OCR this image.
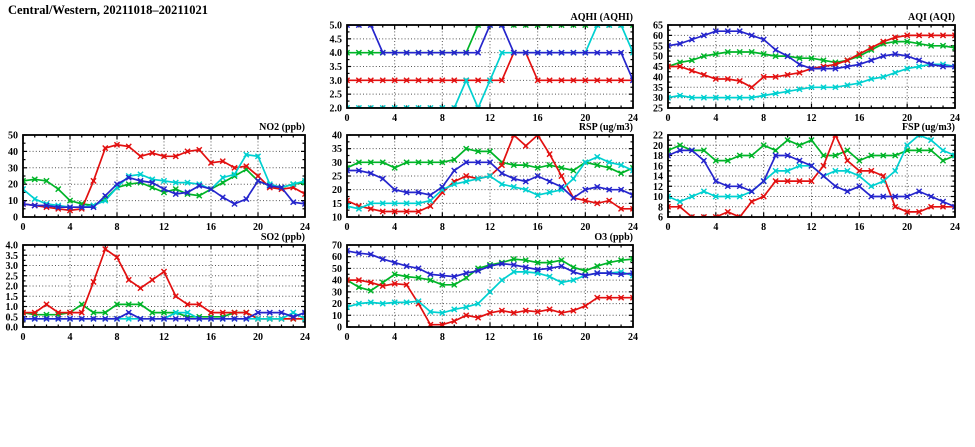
Central/Western, 20211018–20211021
AQHI (AQHI)
2.0
2.5
3.0
3.5
4.0
4.5
5.0
0	4	8	12	16	20	24
AQI (AQI)
25
30
35
40
45
50
55
60
65
0	4	8	12	16	20	24
NO2 (ppb)
0
10
20
30
40
50
0	4	8	12	16	20	24
RSP (ug/m3)
10
15
20
25
30
35
40
0	4	8	12	16	20	24
FSP (ug/m3)
6
8
10
12
14
16
18
20
22
0	4	8	12	16	20	24
SO2 (ppb)
0.0
0.5
1.0
1.5
2.0
2.5
3.0
3.5
4.0
0	4	8	12	16	20	24
O3 (ppb)
0
10
20
30
40
50
60
70
0	4	8	12	16	20	24
